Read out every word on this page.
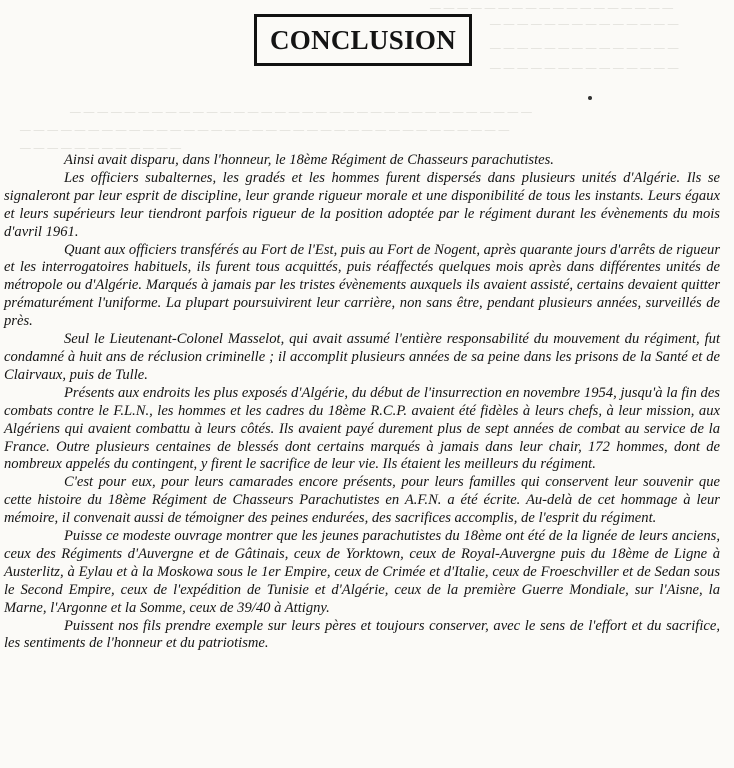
— — — — — — — — — — — — — — — — — —

— — — — — — — — — — — — — —

— — — — — — — — — — — — — —

— — — — — — — — — — — — — —

— — — — — — — — — — — — — — — — — — — — — — — — — — — — — — — — — —

— — — — — — — — — — — — — — — — — — — — — — — — — — — — — — — — — — — —

— — — — — — — — — — — —

CONCLUSION

Ainsi avait disparu, dans l'honneur, le 18ème Régiment de Chasseurs parachutistes.

Les officiers subalternes, les gradés et les hommes furent dispersés dans plusieurs unités d'Algérie. Ils se signaleront par leur esprit de discipline, leur grande rigueur morale et une disponibilité de tous les instants. Leurs égaux et leurs supérieurs leur tiendront parfois rigueur de la position adoptée par le régiment durant les évènements du mois d'avril 1961.

Quant aux officiers transférés au Fort de l'Est, puis au Fort de Nogent, après quarante jours d'arrêts de rigueur et les interrogatoires habituels, ils furent tous acquittés, puis réaffectés quelques mois après dans différentes unités de métropole ou d'Algérie. Marqués à jamais par les tristes évènements auxquels ils avaient assisté, certains devaient quitter prématurément l'uniforme. La plupart poursuivirent leur carrière, non sans être, pendant plusieurs années, surveillés de près.

Seul le Lieutenant-Colonel Masselot, qui avait assumé l'entière responsabilité du mouvement du régiment, fut condamné à huit ans de réclusion criminelle ; il accomplit plusieurs années de sa peine dans les prisons de la Santé et de Clairvaux, puis de Tulle.

Présents aux endroits les plus exposés d'Algérie, du début de l'insurrection en novembre 1954, jusqu'à la fin des combats contre le F.L.N., les hommes et les cadres du 18ème R.C.P. avaient été fidèles à leurs chefs, à leur mission, aux Algériens qui avaient combattu à leurs côtés. Ils avaient payé durement plus de sept années de combat au service de la France. Outre plusieurs centaines de blessés dont certains marqués à jamais dans leur chair, 172 hommes, dont de nombreux appelés du contingent, y firent le sacrifice de leur vie. Ils étaient les meilleurs du régiment.

C'est pour eux, pour leurs camarades encore présents, pour leurs familles qui conservent leur souvenir que cette histoire du 18ème Régiment de Chasseurs Parachutistes en A.F.N. a été écrite. Au-delà de cet hommage à leur mémoire, il convenait aussi de témoigner des peines endurées, des sacrifices accomplis, de l'esprit du régiment.

Puisse ce modeste ouvrage montrer que les jeunes parachutistes du 18ème ont été de la lignée de leurs anciens, ceux des Régiments d'Auvergne et de Gâtinais, ceux de Yorktown, ceux de Royal-Auvergne puis du 18ème de Ligne à Austerlitz, à Eylau et à la Moskowa sous le 1er Empire, ceux de Crimée et d'Italie, ceux de Froeschviller et de Sedan sous le Second Empire, ceux de l'expédition de Tunisie et d'Algérie, ceux de la première Guerre Mondiale, sur l'Aisne, la Marne, l'Argonne et la Somme, ceux de 39/40 à Attigny.

Puissent nos fils prendre exemple sur leurs pères et toujours conserver, avec le sens de l'effort et du sacrifice, les sentiments de l'honneur et du patriotisme.
